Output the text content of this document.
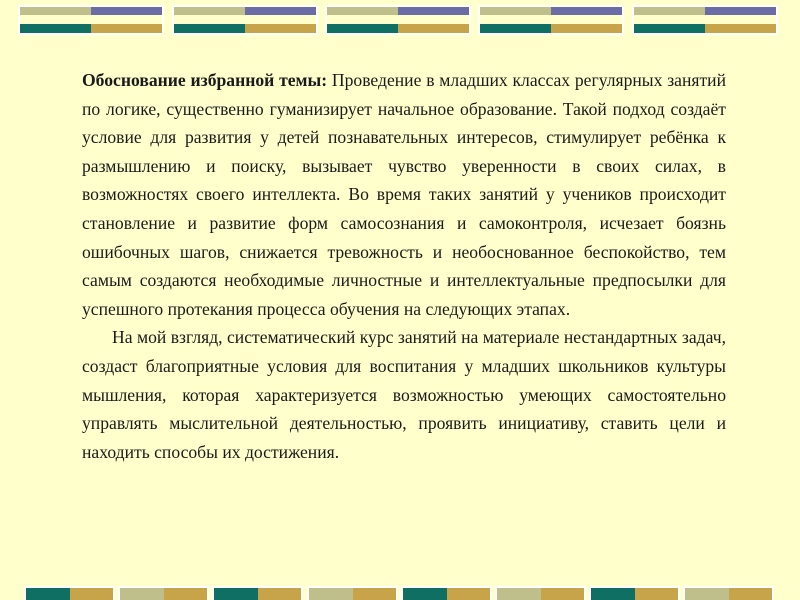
Обоснование избранной темы: Проведение в младших классах регулярных занятий по логике, существенно гуманизирует начальное образование. Такой подход создаёт условие для развития у детей познавательных интересов, стимулирует ребёнка к размышлению и поиску, вызывает чувство уверенности в своих силах, в возможностях своего интеллекта. Во время таких занятий у учеников происходит становление и развитие форм самосознания и самоконтроля, исчезает боязнь ошибочных шагов, снижается тревожность и необоснованное беспокойство, тем самым создаются необходимые личностные и интеллектуальные предпосылки для успешного протекания процесса обучения на следующих этапах.

На мой взгляд, систематический курс занятий на материале нестандартных задач, создаст благоприятные условия для воспитания у младших школьников культуры мышления, которая характеризуется возможностью умеющих самостоятельно управлять мыслительной деятельностью, проявить инициативу, ставить цели и находить способы их достижения.
